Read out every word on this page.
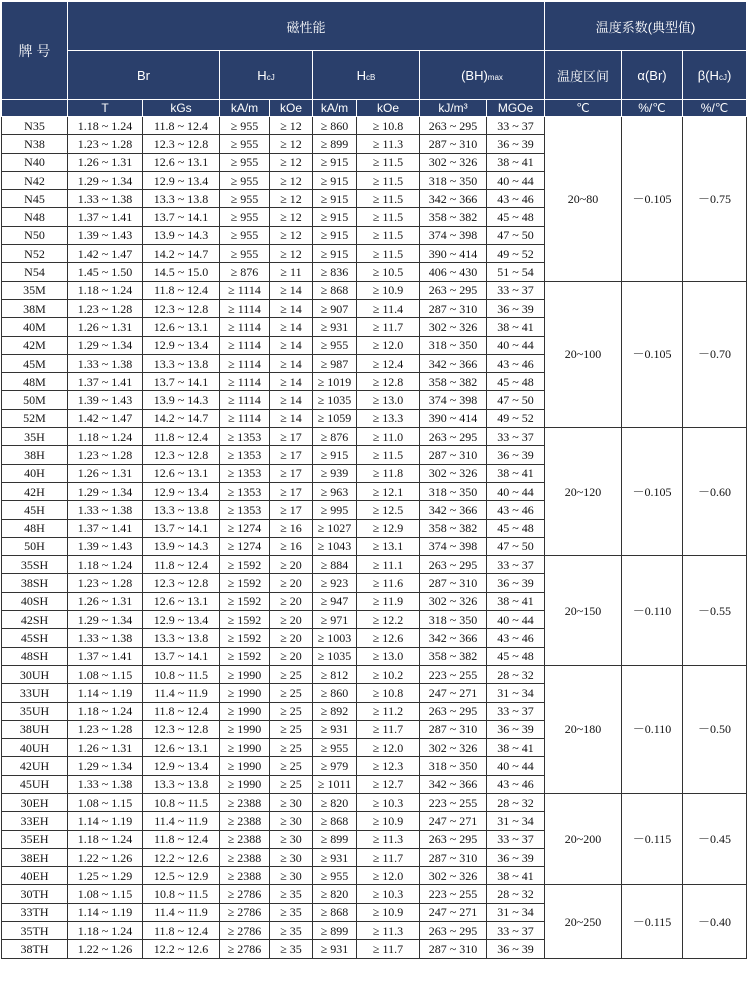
牌 号	磁性能								温度系数(典型值)		
	Br		HcJ		HcB		(BH)max		温度区间	α(Br)	β(HcJ)
	T	kGs	kA/m	kOe	kA/m	kOe	kJ/m³	MGOe	℃	%/℃	%/℃
N35	1.18 ~ 1.24	11.8 ~ 12.4	≥ 955	≥ 12	≥ 860	≥ 10.8	263 ~ 295	33 ~ 37	20~80	－0.105	－0.75
N38	1.23 ~ 1.28	12.3 ~ 12.8	≥ 955	≥ 12	≥ 899	≥ 11.3	287 ~ 310	36 ~ 39			
N40	1.26 ~ 1.31	12.6 ~ 13.1	≥ 955	≥ 12	≥ 915	≥ 11.5	302 ~ 326	38 ~ 41			
N42	1.29 ~ 1.34	12.9 ~ 13.4	≥ 955	≥ 12	≥ 915	≥ 11.5	318 ~ 350	40 ~ 44			
N45	1.33 ~ 1.38	13.3 ~ 13.8	≥ 955	≥ 12	≥ 915	≥ 11.5	342 ~ 366	43 ~ 46			
N48	1.37 ~ 1.41	13.7 ~ 14.1	≥ 955	≥ 12	≥ 915	≥ 11.5	358 ~ 382	45 ~ 48			
N50	1.39 ~ 1.43	13.9 ~ 14.3	≥ 955	≥ 12	≥ 915	≥ 11.5	374 ~ 398	47 ~ 50			
N52	1.42 ~ 1.47	14.2 ~ 14.7	≥ 955	≥ 12	≥ 915	≥ 11.5	390 ~ 414	49 ~ 52			
N54	1.45 ~ 1.50	14.5 ~ 15.0	≥ 876	≥ 11	≥ 836	≥ 10.5	406 ~ 430	51 ~ 54			
35M	1.18 ~ 1.24	11.8 ~ 12.4	≥ 1114	≥ 14	≥ 868	≥ 10.9	263 ~ 295	33 ~ 37	20~100	－0.105	－0.70
38M	1.23 ~ 1.28	12.3 ~ 12.8	≥ 1114	≥ 14	≥ 907	≥ 11.4	287 ~ 310	36 ~ 39			
40M	1.26 ~ 1.31	12.6 ~ 13.1	≥ 1114	≥ 14	≥ 931	≥ 11.7	302 ~ 326	38 ~ 41			
42M	1.29 ~ 1.34	12.9 ~ 13.4	≥ 1114	≥ 14	≥ 955	≥ 12.0	318 ~ 350	40 ~ 44			
45M	1.33 ~ 1.38	13.3 ~ 13.8	≥ 1114	≥ 14	≥ 987	≥ 12.4	342 ~ 366	43 ~ 46			
48M	1.37 ~ 1.41	13.7 ~ 14.1	≥ 1114	≥ 14	≥ 1019	≥ 12.8	358 ~ 382	45 ~ 48			
50M	1.39 ~ 1.43	13.9 ~ 14.3	≥ 1114	≥ 14	≥ 1035	≥ 13.0	374 ~ 398	47 ~ 50			
52M	1.42 ~ 1.47	14.2 ~ 14.7	≥ 1114	≥ 14	≥ 1059	≥ 13.3	390 ~ 414	49 ~ 52			
35H	1.18 ~ 1.24	11.8 ~ 12.4	≥ 1353	≥ 17	≥ 876	≥ 11.0	263 ~ 295	33 ~ 37	20~120	－0.105	－0.60
38H	1.23 ~ 1.28	12.3 ~ 12.8	≥ 1353	≥ 17	≥ 915	≥ 11.5	287 ~ 310	36 ~ 39			
40H	1.26 ~ 1.31	12.6 ~ 13.1	≥ 1353	≥ 17	≥ 939	≥ 11.8	302 ~ 326	38 ~ 41			
42H	1.29 ~ 1.34	12.9 ~ 13.4	≥ 1353	≥ 17	≥ 963	≥ 12.1	318 ~ 350	40 ~ 44			
45H	1.33 ~ 1.38	13.3 ~ 13.8	≥ 1353	≥ 17	≥ 995	≥ 12.5	342 ~ 366	43 ~ 46			
48H	1.37 ~ 1.41	13.7 ~ 14.1	≥ 1274	≥ 16	≥ 1027	≥ 12.9	358 ~ 382	45 ~ 48			
50H	1.39 ~ 1.43	13.9 ~ 14.3	≥ 1274	≥ 16	≥ 1043	≥ 13.1	374 ~ 398	47 ~ 50			
35SH	1.18 ~ 1.24	11.8 ~ 12.4	≥ 1592	≥ 20	≥ 884	≥ 11.1	263 ~ 295	33 ~ 37	20~150	－0.110	－0.55
38SH	1.23 ~ 1.28	12.3 ~ 12.8	≥ 1592	≥ 20	≥ 923	≥ 11.6	287 ~ 310	36 ~ 39			
40SH	1.26 ~ 1.31	12.6 ~ 13.1	≥ 1592	≥ 20	≥ 947	≥ 11.9	302 ~ 326	38 ~ 41			
42SH	1.29 ~ 1.34	12.9 ~ 13.4	≥ 1592	≥ 20	≥ 971	≥ 12.2	318 ~ 350	40 ~ 44			
45SH	1.33 ~ 1.38	13.3 ~ 13.8	≥ 1592	≥ 20	≥ 1003	≥ 12.6	342 ~ 366	43 ~ 46			
48SH	1.37 ~ 1.41	13.7 ~ 14.1	≥ 1592	≥ 20	≥ 1035	≥ 13.0	358 ~ 382	45 ~ 48			
30UH	1.08 ~ 1.15	10.8 ~ 11.5	≥ 1990	≥ 25	≥ 812	≥ 10.2	223 ~ 255	28 ~ 32	20~180	－0.110	－0.50
33UH	1.14 ~ 1.19	11.4 ~ 11.9	≥ 1990	≥ 25	≥ 860	≥ 10.8	247 ~ 271	31 ~ 34			
35UH	1.18 ~ 1.24	11.8 ~ 12.4	≥ 1990	≥ 25	≥ 892	≥ 11.2	263 ~ 295	33 ~ 37			
38UH	1.23 ~ 1.28	12.3 ~ 12.8	≥ 1990	≥ 25	≥ 931	≥ 11.7	287 ~ 310	36 ~ 39			
40UH	1.26 ~ 1.31	12.6 ~ 13.1	≥ 1990	≥ 25	≥ 955	≥ 12.0	302 ~ 326	38 ~ 41			
42UH	1.29 ~ 1.34	12.9 ~ 13.4	≥ 1990	≥ 25	≥ 979	≥ 12.3	318 ~ 350	40 ~ 44			
45UH	1.33 ~ 1.38	13.3 ~ 13.8	≥ 1990	≥ 25	≥ 1011	≥ 12.7	342 ~ 366	43 ~ 46			
30EH	1.08 ~ 1.15	10.8 ~ 11.5	≥ 2388	≥ 30	≥ 820	≥ 10.3	223 ~ 255	28 ~ 32	20~200	－0.115	－0.45
33EH	1.14 ~ 1.19	11.4 ~ 11.9	≥ 2388	≥ 30	≥ 868	≥ 10.9	247 ~ 271	31 ~ 34			
35EH	1.18 ~ 1.24	11.8 ~ 12.4	≥ 2388	≥ 30	≥ 899	≥ 11.3	263 ~ 295	33 ~ 37			
38EH	1.22 ~ 1.26	12.2 ~ 12.6	≥ 2388	≥ 30	≥ 931	≥ 11.7	287 ~ 310	36 ~ 39			
40EH	1.25 ~ 1.29	12.5 ~ 12.9	≥ 2388	≥ 30	≥ 955	≥ 12.0	302 ~ 326	38 ~ 41			
30TH	1.08 ~ 1.15	10.8 ~ 11.5	≥ 2786	≥ 35	≥ 820	≥ 10.3	223 ~ 255	28 ~ 32	20~250	－0.115	－0.40
33TH	1.14 ~ 1.19	11.4 ~ 11.9	≥ 2786	≥ 35	≥ 868	≥ 10.9	247 ~ 271	31 ~ 34			
35TH	1.18 ~ 1.24	11.8 ~ 12.4	≥ 2786	≥ 35	≥ 899	≥ 11.3	263 ~ 295	33 ~ 37			
38TH	1.22 ~ 1.26	12.2 ~ 12.6	≥ 2786	≥ 35	≥ 931	≥ 11.7	287 ~ 310	36 ~ 39			
